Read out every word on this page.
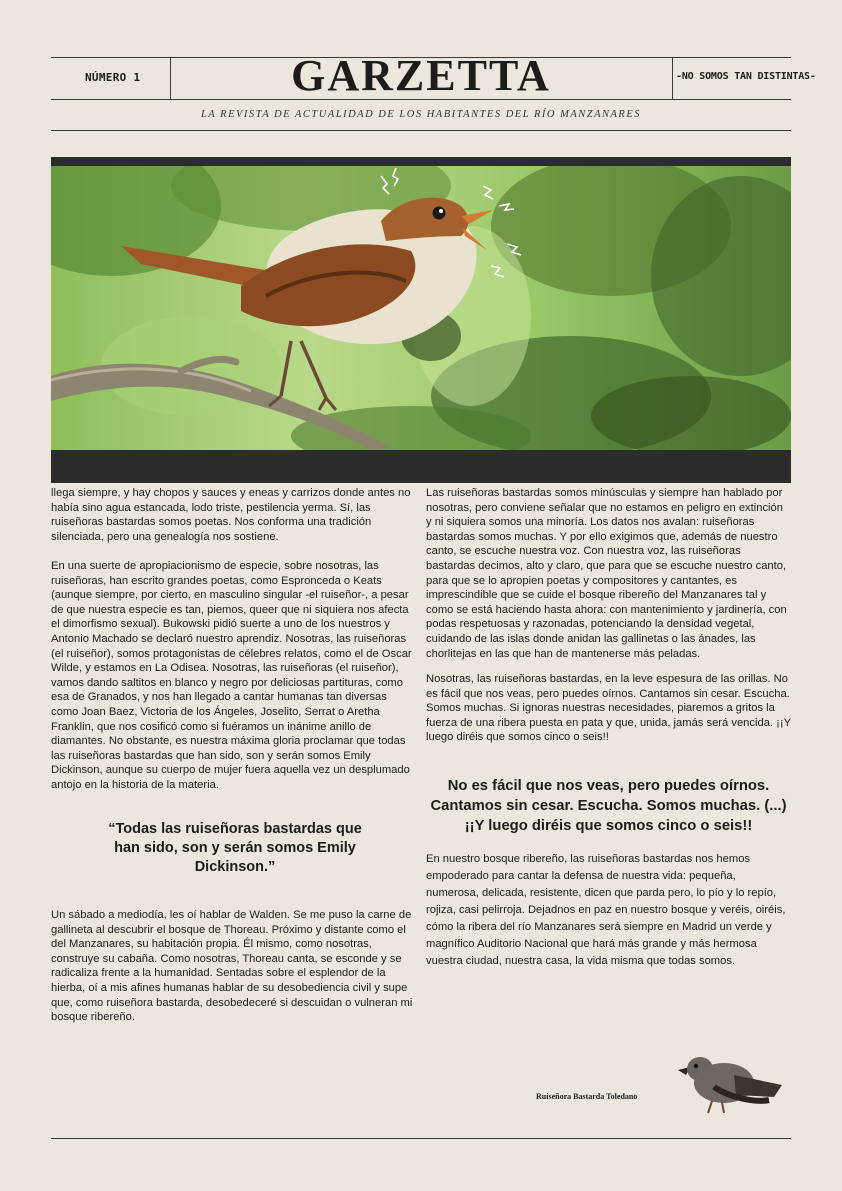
NÚMERO 1	GARZETTA	-NO SOMOS TAN DISTINTAS-
LA REVISTA DE ACTUALIDAD DE LOS HABITANTES DEL RÍO MANZANARES

llega siempre, y hay chopos y sauces y eneas y carrizos donde antes no había sino agua estancada, lodo triste, pestilencia yerma. Sí, las ruiseñoras bastardas somos poetas. Nos conforma una tradición silenciada, pero una genealogía nos sostiene.

En una suerte de apropiacionismo de especie, sobre nosotras, las ruiseñoras, han escrito grandes poetas, como Espronceda o Keats (aunque siempre, por cierto, en masculino singular -el ruiseñor-, a pesar de que nuestra especie es tan, piemos, queer que ni siquiera nos afecta el dimorfismo sexual). Bukowski pidió suerte a uno de los nuestros y Antonio Machado se declaró nuestro aprendiz. Nosotras, las ruiseñoras (el ruiseñor), somos protagonistas de célebres relatos, como el de Oscar Wilde, y estamos en La Odisea. Nosotras, las ruiseñoras (el ruiseñor), vamos dando saltitos en blanco y negro por deliciosas partituras, como esa de Granados, y nos han llegado a cantar humanas tan diversas como Joan Baez, Victoria de los Ángeles, Joselito, Serrat o Aretha Franklin, que nos cosificó como si fuéramos un inánime anillo de diamantes. No obstante, es nuestra máxima gloria proclamar que todas las ruiseñoras bastardas que han sido, son y serán somos Emily Dickinson, aunque su cuerpo de mujer fuera aquella vez un desplumado antojo en la historia de la materia.

“Todas las ruiseñoras bastardas que han sido, son y serán somos Emily Dickinson.”

Un sábado a mediodía, les oí hablar de Walden. Se me puso la carne de gallineta al descubrir el bosque de Thoreau. Próximo y distante como el del Manzanares, su habitación propia. Él mismo, como nosotras, construye su cabaña. Como nosotras, Thoreau canta, se esconde y se radicaliza frente a la humanidad. Sentadas sobre el esplendor de la hierba, oí a mis afines humanas hablar de su desobediencia civil y supe que, como ruiseñora bastarda, desobedeceré si descuidan o vulneran mi bosque ribereño.

Las ruiseñoras bastardas somos minúsculas y siempre han hablado por nosotras, pero conviene señalar que no estamos en peligro en extinción y ni siquiera somos una minoría. Los datos nos avalan: ruiseñoras bastardas somos muchas. Y por ello exigimos que, además de nuestro canto, se escuche nuestra voz. Con nuestra voz, las ruiseñoras bastardas decimos, alto y claro, que para que se escuche nuestro canto, para que se lo apropien poetas y compositores y cantantes, es imprescindible que se cuide el bosque ribereño del Manzanares tal y como se está haciendo hasta ahora: con mantenimiento y jardinería, con podas respetuosas y razonadas, potenciando la densidad vegetal, cuidando de las islas donde anidan las gallinetas o las ánades, las chorlitejas en las que han de mantenerse más peladas.

Nosotras, las ruiseñoras bastardas, en la leve espesura de las orillas. No es fácil que nos veas, pero puedes oírnos. Cantamos sin cesar. Escucha. Somos muchas. Si ignoras nuestras necesidades, piaremos a gritos la fuerza de una ribera puesta en pata y que, unida, jamás será vencida. ¡¡Y luego diréis que somos cinco o seis!!

No es fácil que nos veas, pero puedes oírnos. Cantamos sin cesar. Escucha. Somos muchas. (...) ¡¡Y luego diréis que somos cinco o seis!!

En nuestro bosque ribereño, las ruiseñoras bastardas nos hemos empoderado para cantar la defensa de nuestra vida: pequeña, numerosa, delicada, resistente, dicen que parda pero, lo pío y lo repío, rojiza, casi pelirroja. Dejadnos en paz en nuestro bosque y veréis, oiréis, cómo la ribera del río Manzanares será siempre en Madrid un verde y magnífico Auditorio Nacional que hará más grande y más hermosa vuestra ciudad, nuestra casa, la vida misma que todas somos.

Ruiseñora Bastarda Toledano
